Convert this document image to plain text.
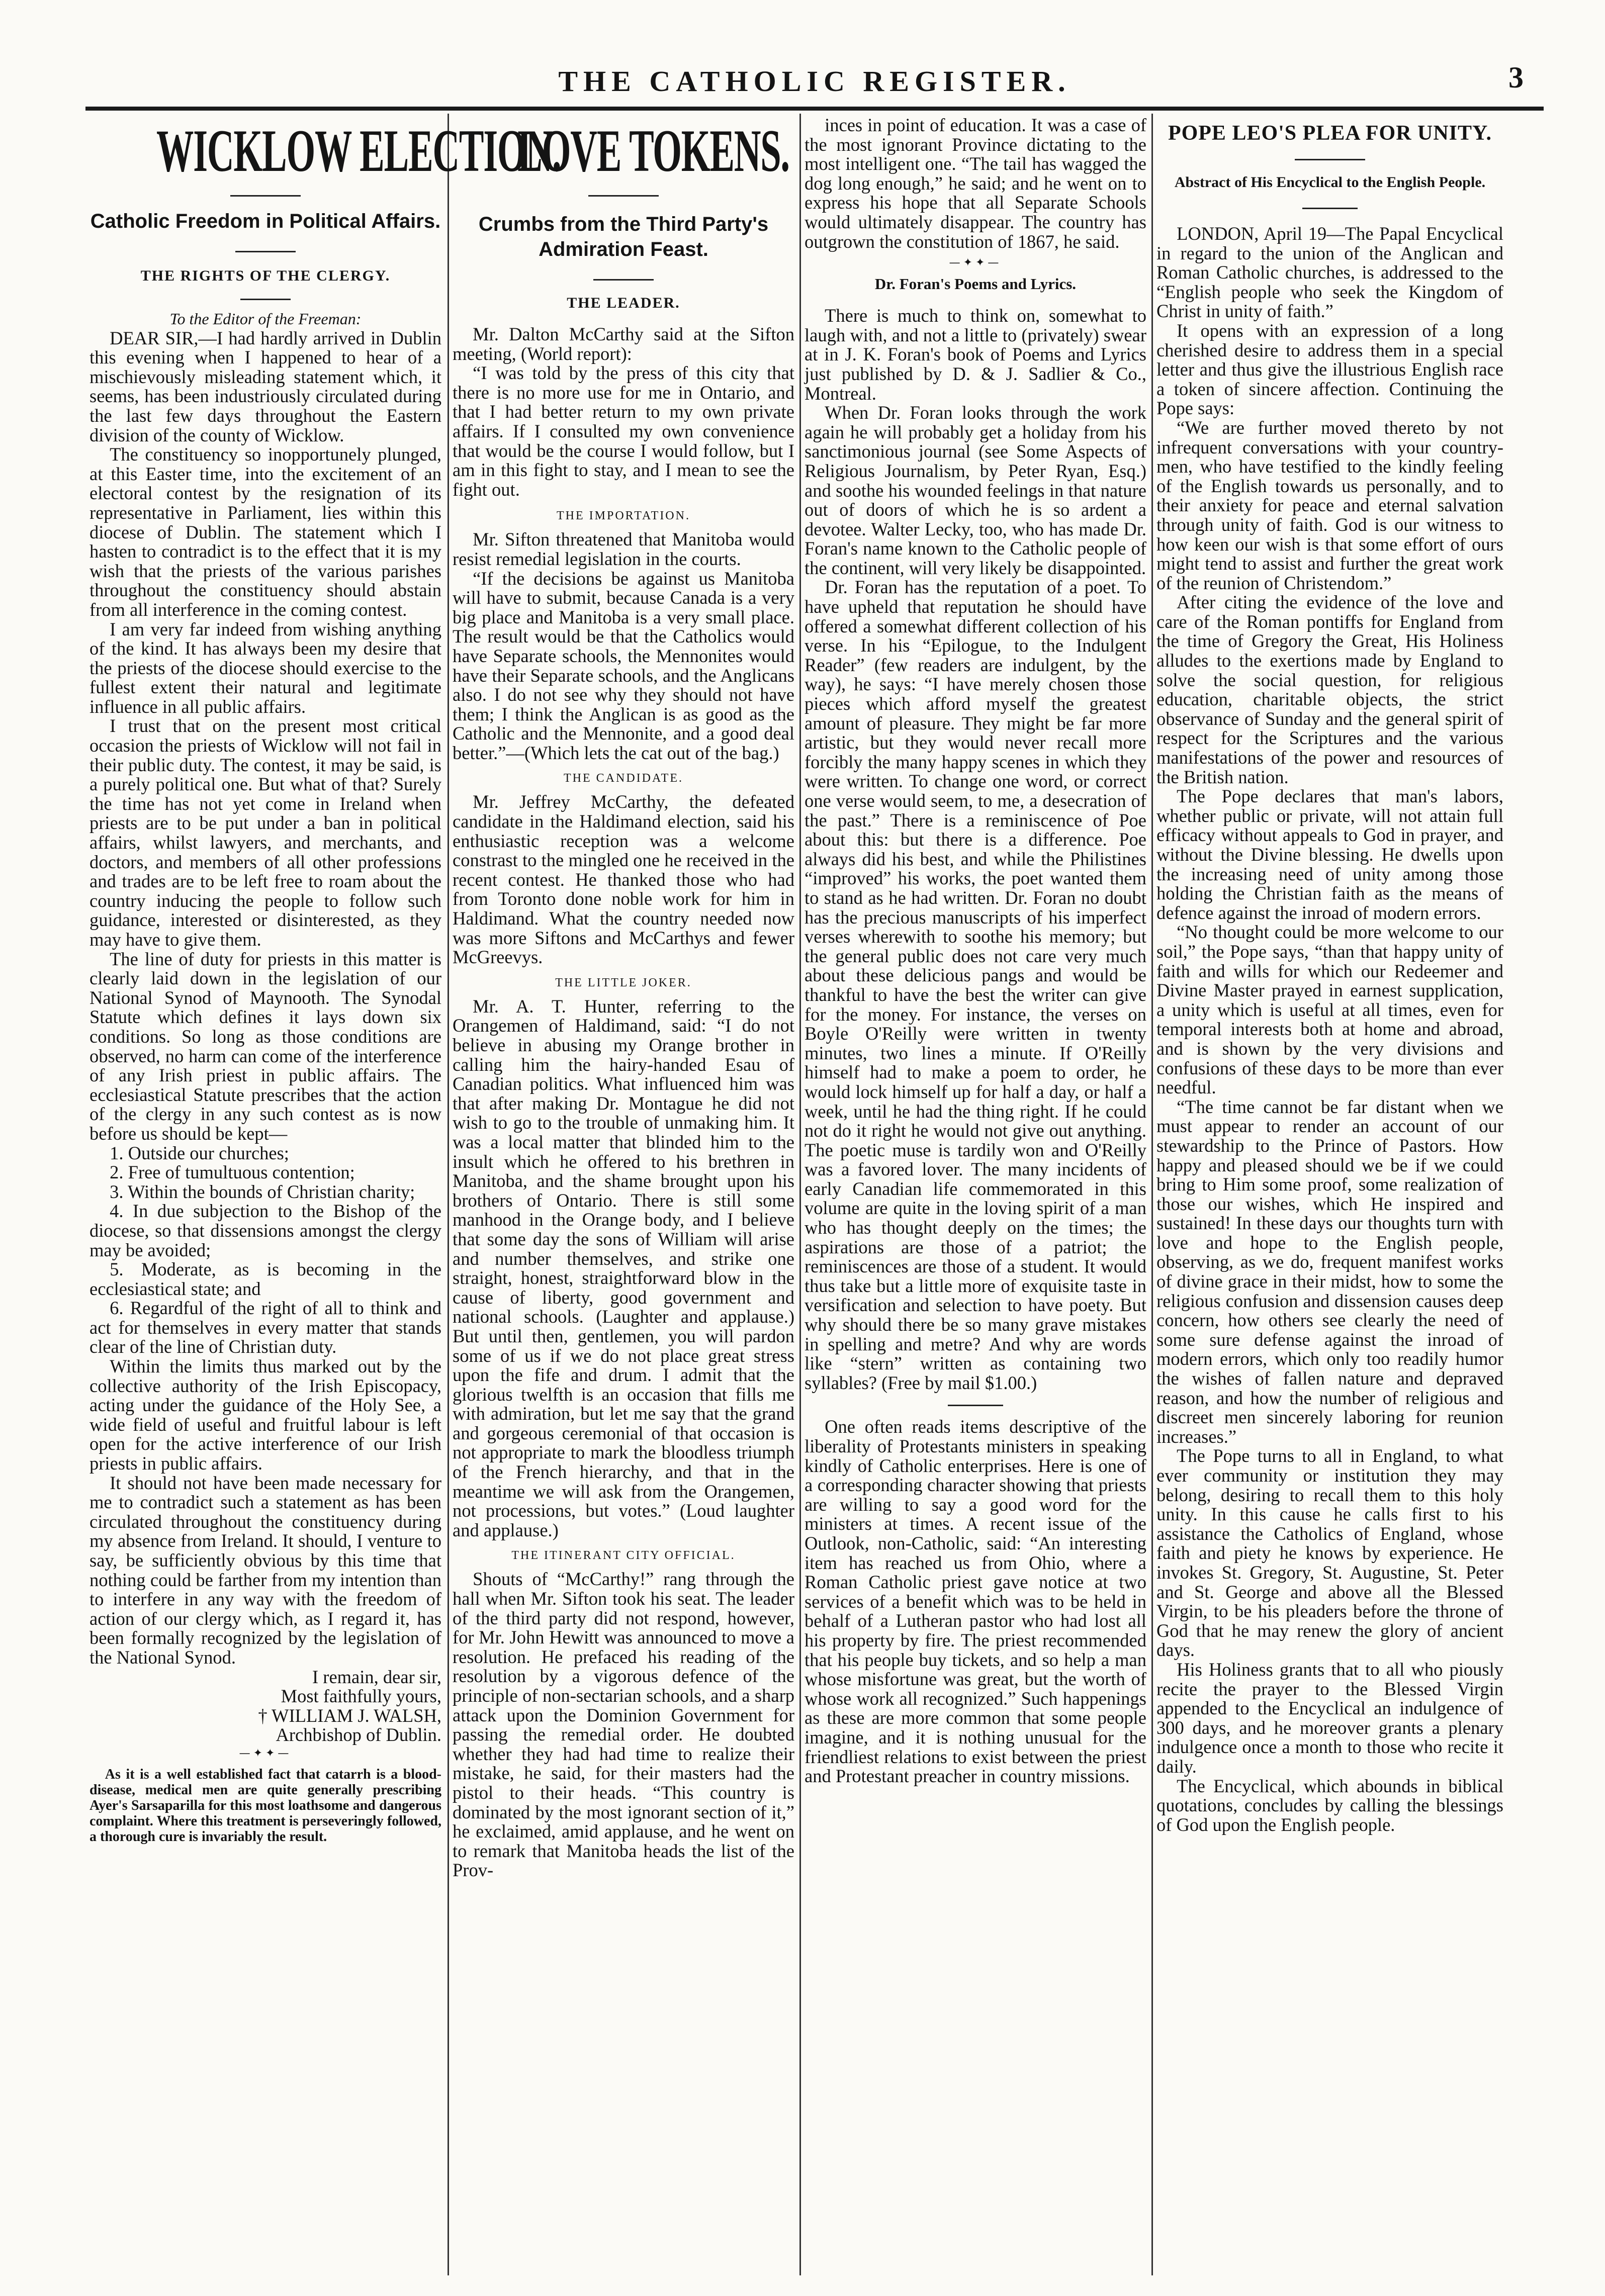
THE CATHOLIC REGISTER.	3
WICKLOW ELECTION.
Catholic Freedom in Political Affairs.
THE RIGHTS OF THE CLERGY.

To the Editor of the Freeman:

DEAR SIR,—I had hardly arrived in Dublin this evening when I happened to hear of a mischievously misleading statement which, it seems, has been industriously circulated during the last few days throughout the Eastern division of the county of Wicklow.

The constituency so inopportunely plunged, at this Easter time, into the excitement of an electoral contest by the resignation of its representative in Parliament, lies within this diocese of Dublin. The statement which I hasten to contradict is to the effect that it is my wish that the priests of the various parishes throughout the constituency should abstain from all interference in the coming contest.

I am very far indeed from wishing anything of the kind. It has always been my desire that the priests of the diocese should exercise to the fullest extent their natural and legitimate influence in all public affairs.

I trust that on the present most critical occasion the priests of Wicklow will not fail in their public duty. The contest, it may be said, is a purely political one. But what of that? Surely the time has not yet come in Ireland when priests are to be put under a ban in political affairs, whilst lawyers, and merchants, and doctors, and members of all other professions and trades are to be left free to roam about the country inducing the people to follow such guidance, interested or disinterested, as they may have to give them.

The line of duty for priests in this matter is clearly laid down in the legislation of our National Synod of Maynooth. The Synodal Statute which defines it lays down six conditions. So long as those conditions are observed, no harm can come of the interference of any Irish priest in public affairs. The ecclesiastical Statute prescribes that the action of the clergy in any such contest as is now before us should be kept—

1. Outside our churches;

2. Free of tumultuous contention;

3. Within the bounds of Christian charity;

4. In due subjection to the Bishop of the diocese, so that dissensions amongst the clergy may be avoided;

5. Moderate, as is becoming in the ecclesiastical state; and

6. Regardful of the right of all to think and act for themselves in every matter that stands clear of the line of Christian duty.

Within the limits thus marked out by the collective authority of the Irish Episcopacy, acting under the guidance of the Holy See, a wide field of useful and fruitful labour is left open for the active interference of our Irish priests in public affairs.

It should not have been made necessary for me to contradict such a statement as has been circulated throughout the constituency during my absence from Ireland. It should, I venture to say, be sufficiently obvious by this time that nothing could be farther from my intention than to interfere in any way with the freedom of action of our clergy which, as I regard it, has been formally recognized by the legislation of the National Synod.

I remain, dear sir,

Most faithfully yours,

† WILLIAM J. WALSH,

Archbishop of Dublin.

—✦✦—

As it is a well established fact that catarrh is a blood-disease, medical men are quite generally prescribing Ayer's Sarsaparilla for this most loathsome and dangerous complaint. Where this treatment is perseveringly followed, a thorough cure is invariably the result.

LOVE TOKENS.
Crumbs from the Third Party's Admiration Feast.
THE LEADER.

Mr. Dalton McCarthy said at the Sifton meeting, (World report):

“I was told by the press of this city that there is no more use for me in Ontario, and that I had better return to my own private affairs. If I consulted my own convenience that would be the course I would follow, but I am in this fight to stay, and I mean to see the fight out.

THE IMPORTATION.

Mr. Sifton threatened that Manitoba would resist remedial legislation in the courts.

“If the decisions be against us Manitoba will have to submit, because Canada is a very big place and Manitoba is a very small place. The result would be that the Catholics would have Separate schools, the Mennonites would have their Separate schools, and the Anglicans also. I do not see why they should not have them; I think the Anglican is as good as the Catholic and the Mennonite, and a good deal better.”—(Which lets the cat out of the bag.)

THE CANDIDATE.

Mr. Jeffrey McCarthy, the defeated candidate in the Haldimand election, said his enthusiastic reception was a welcome constrast to the mingled one he received in the recent contest. He thanked those who had from Toronto done noble work for him in Haldimand. What the country needed now was more Siftons and McCarthys and fewer McGreevys.

THE LITTLE JOKER.

Mr. A. T. Hunter, referring to the Orangemen of Haldimand, said: “I do not believe in abusing my Orange brother in calling him the hairy-handed Esau of Canadian politics. What influenced him was that after making Dr. Montague he did not wish to go to the trouble of unmaking him. It was a local matter that blinded him to the insult which he offered to his brethren in Manitoba, and the shame brought upon his brothers of Ontario. There is still some manhood in the Orange body, and I believe that some day the sons of William will arise and number themselves, and strike one straight, honest, straightforward blow in the cause of liberty, good government and national schools. (Laughter and applause.) But until then, gentlemen, you will pardon some of us if we do not place great stress upon the fife and drum. I admit that the glorious twelfth is an occasion that fills me with admiration, but let me say that the grand and gorgeous ceremonial of that occasion is not appropriate to mark the bloodless triumph of the French hierarchy, and that in the meantime we will ask from the Orangemen, not processions, but votes.” (Loud laughter and applause.)

THE ITINERANT CITY OFFICIAL.

Shouts of “McCarthy!” rang through the hall when Mr. Sifton took his seat. The leader of the third party did not respond, however, for Mr. John Hewitt was announced to move a resolution. He prefaced his reading of the resolution by a vigorous defence of the principle of non-sectarian schools, and a sharp attack upon the Dominion Government for passing the remedial order. He doubted whether they had had time to realize their mistake, he said, for their masters had the pistol to their heads. “This country is dominated by the most ignorant section of it,” he exclaimed, amid applause, and he went on to remark that Manitoba heads the list of the Prov-

inces in point of education. It was a case of the most ignorant Province dictating to the most intelligent one. “The tail has wagged the dog long enough,” he said; and he went on to express his hope that all Separate Schools would ultimately disappear. The country has outgrown the constitution of 1867, he said.

—✦✦—
Dr. Foran's Poems and Lyrics.

There is much to think on, somewhat to laugh with, and not a little to (privately) swear at in J. K. Foran's book of Poems and Lyrics just published by D. & J. Sadlier & Co., Montreal.

When Dr. Foran looks through the work again he will probably get a holiday from his sanctimonious journal (see Some Aspects of Religious Journalism, by Peter Ryan, Esq.) and soothe his wounded feelings in that nature out of doors of which he is so ardent a devotee. Walter Lecky, too, who has made Dr. Foran's name known to the Catholic people of the continent, will very likely be disappointed.

Dr. Foran has the reputation of a poet. To have upheld that reputation he should have offered a somewhat different collection of his verse. In his “Epilogue, to the Indulgent Reader” (few readers are indulgent, by the way), he says: “I have merely chosen those pieces which afford myself the greatest amount of pleasure. They might be far more artistic, but they would never recall more forcibly the many happy scenes in which they were written. To change one word, or correct one verse would seem, to me, a desecration of the past.” There is a reminiscence of Poe about this: but there is a difference. Poe always did his best, and while the Philistines “improved” his works, the poet wanted them to stand as he had written. Dr. Foran no doubt has the precious manuscripts of his imperfect verses wherewith to soothe his memory; but the general public does not care very much about these delicious pangs and would be thankful to have the best the writer can give for the money. For instance, the verses on Boyle O'Reilly were written in twenty minutes, two lines a minute. If O'Reilly himself had to make a poem to order, he would lock himself up for half a day, or half a week, until he had the thing right. If he could not do it right he would not give out anything. The poetic muse is tardily won and O'Reilly was a favored lover. The many incidents of early Canadian life commemorated in this volume are quite in the loving spirit of a man who has thought deeply on the times; the aspirations are those of a patriot; the reminiscences are those of a student. It would thus take but a little more of exquisite taste in versification and selection to have poety. But why should there be so many grave mistakes in spelling and metre? And why are words like “stern” written as containing two syllables? (Free by mail $1.00.)

One often reads items descriptive of the liberality of Protestants ministers in speaking kindly of Catholic enterprises. Here is one of a corresponding character showing that priests are willing to say a good word for the ministers at times. A recent issue of the Outlook, non-Catholic, said: “An interesting item has reached us from Ohio, where a Roman Catholic priest gave notice at two services of a benefit which was to be held in behalf of a Lutheran pastor who had lost all his property by fire. The priest recommended that his people buy tickets, and so help a man whose misfortune was great, but the worth of whose work all recognized.” Such happenings as these are more common that some people imagine, and it is nothing unusual for the friendliest relations to exist between the priest and Protestant preacher in country missions.

POPE LEO'S PLEA FOR UNITY.
Abstract of His Encyclical to the English People.

LONDON, April 19—The Papal Encyclical in regard to the union of the Anglican and Roman Catholic churches, is addressed to the “English people who seek the Kingdom of Christ in unity of faith.”

It opens with an expression of a long cherished desire to address them in a special letter and thus give the illustrious English race a token of sincere affection. Continuing the Pope says:

“We are further moved thereto by not infrequent conversations with your country-men, who have testified to the kindly feeling of the English towards us personally, and to their anxiety for peace and eternal salvation through unity of faith. God is our witness to how keen our wish is that some effort of ours might tend to assist and further the great work of the reunion of Christendom.”

After citing the evidence of the love and care of the Roman pontiffs for England from the time of Gregory the Great, His Holiness alludes to the exertions made by England to solve the social question, for religious education, charitable objects, the strict observance of Sunday and the general spirit of respect for the Scriptures and the various manifestations of the power and resources of the British nation.

The Pope declares that man's labors, whether public or private, will not attain full efficacy without appeals to God in prayer, and without the Divine blessing. He dwells upon the increasing need of unity among those holding the Christian faith as the means of defence against the inroad of modern errors.

“No thought could be more welcome to our soil,” the Pope says, “than that happy unity of faith and wills for which our Redeemer and Divine Master prayed in earnest supplication, a unity which is useful at all times, even for temporal interests both at home and abroad, and is shown by the very divisions and confusions of these days to be more than ever needful.

“The time cannot be far distant when we must appear to render an account of our stewardship to the Prince of Pastors. How happy and pleased should we be if we could bring to Him some proof, some realization of those our wishes, which He inspired and sustained! In these days our thoughts turn with love and hope to the English people, observing, as we do, frequent manifest works of divine grace in their midst, how to some the religious confusion and dissension causes deep concern, how others see clearly the need of some sure defense against the inroad of modern errors, which only too readily humor the wishes of fallen nature and depraved reason, and how the number of religious and discreet men sincerely laboring for reunion increases.”

The Pope turns to all in England, to what ever community or institution they may belong, desiring to recall them to this holy unity. In this cause he calls first to his assistance the Catholics of England, whose faith and piety he knows by experience. He invokes St. Gregory, St. Augustine, St. Peter and St. George and above all the Blessed Virgin, to be his pleaders before the throne of God that he may renew the glory of ancient days.

His Holiness grants that to all who piously recite the prayer to the Blessed Virgin appended to the Encyclical an indulgence of 300 days, and he moreover grants a plenary indulgence once a month to those who recite it daily.

The Encyclical, which abounds in biblical quotations, concludes by calling the blessings of God upon the English people.
